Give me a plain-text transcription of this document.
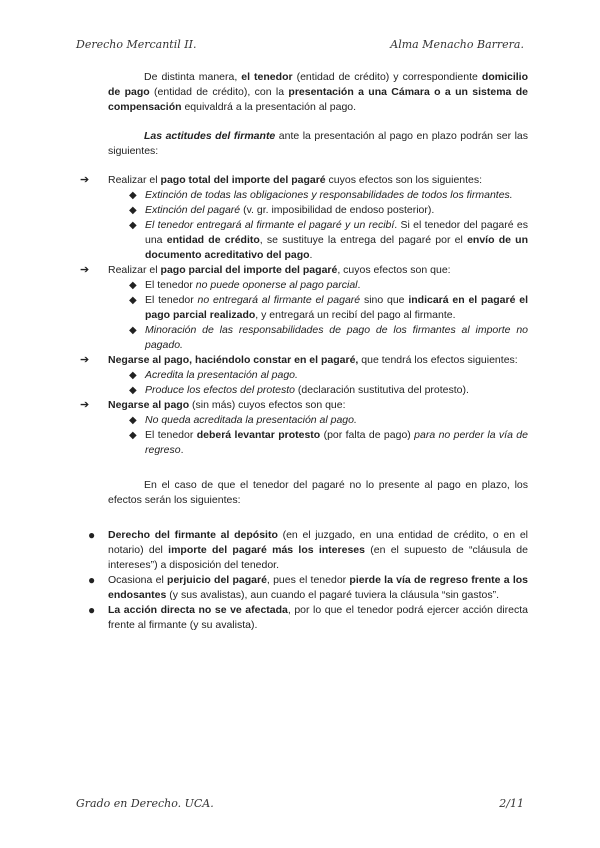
Derecho Mercantil II.	Alma Menacho Barrera.

De distinta manera, el tenedor (entidad de crédito) y correspondiente domicilio de pago (entidad de crédito), con la presentación a una Cámara o a un sistema de compensación equivaldrá a la presentación al pago.

Las actitudes del firmante ante la presentación al pago en plazo podrán ser las siguientes:

➔ Realizar el pago total del importe del pagaré cuyos efectos son los siguientes:

◆ Extinción de todas las obligaciones y responsabilidades de todos los firmantes.

◆ Extinción del pagaré (v. gr. imposibilidad de endoso posterior).

◆ El tenedor entregará al firmante el pagaré y un recibí. Si el tenedor del pagaré es una entidad de crédito, se sustituye la entrega del pagaré por el envío de un documento acreditativo del pago.

➔ Realizar el pago parcial del importe del pagaré, cuyos efectos son que:

◆ El tenedor no puede oponerse al pago parcial.

◆ El tenedor no entregará al firmante el pagaré sino que indicará en el pagaré el pago parcial realizado, y entregará un recibí del pago al firmante.

◆ Minoración de las responsabilidades de pago de los firmantes al importe no pagado.

➔ Negarse al pago, haciéndolo constar en el pagaré, que tendrá los efectos siguientes:

◆ Acredita la presentación al pago.

◆ Produce los efectos del protesto (declaración sustitutiva del protesto).

➔ Negarse al pago (sin más) cuyos efectos son que:

◆ No queda acreditada la presentación al pago.

◆ El tenedor deberá levantar protesto (por falta de pago) para no perder la vía de regreso.

En el caso de que el tenedor del pagaré no lo presente al pago en plazo, los efectos serán los siguientes:

● Derecho del firmante al depósito (en el juzgado, en una entidad de crédito, o en el notario) del importe del pagaré más los intereses (en el supuesto de “cláusula de intereses”) a disposición del tenedor.

● Ocasiona el perjuicio del pagaré, pues el tenedor pierde la vía de regreso frente a los endosantes (y sus avalistas), aun cuando el pagaré tuviera la cláusula “sin gastos”.

● La acción directa no se ve afectada, por lo que el tenedor podrá ejercer acción directa frente al firmante (y su avalista).

Grado en Derecho. UCA.	2/11
